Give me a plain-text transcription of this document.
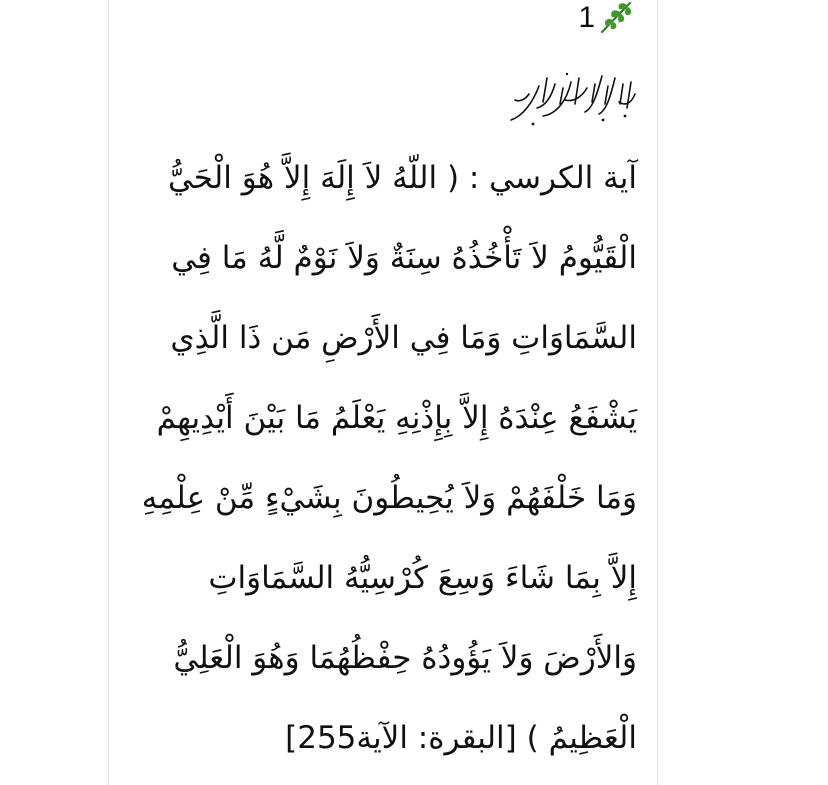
1
آية الكرسي : ( اللّهُ لاَ إِلَهَ إِلاَّ هُوَ الْحَيُّ
الْقَيُّومُ لاَ تَأْخُذُهُ سِنَةٌ وَلاَ نَوْمٌ لَّهُ مَا فِي
السَّمَاوَاتِ وَمَا فِي الأَرْضِ مَن ذَا الَّذِي
يَشْفَعُ عِنْدَهُ إِلاَّ بِإِذْنِهِ يَعْلَمُ مَا بَيْنَ أَيْدِيهِمْ
وَمَا خَلْفَهُمْ وَلاَ يُحِيطُونَ بِشَيْءٍ مِّنْ عِلْمِهِ
إِلاَّ بِمَا شَاءَ وَسِعَ كُرْسِيُّهُ السَّمَاوَاتِ
وَالأَرْضَ وَلاَ يَؤُودُهُ حِفْظُهُمَا وَهُوَ الْعَلِيُّ
الْعَظِيمُ ) [البقرة: الآية255]
